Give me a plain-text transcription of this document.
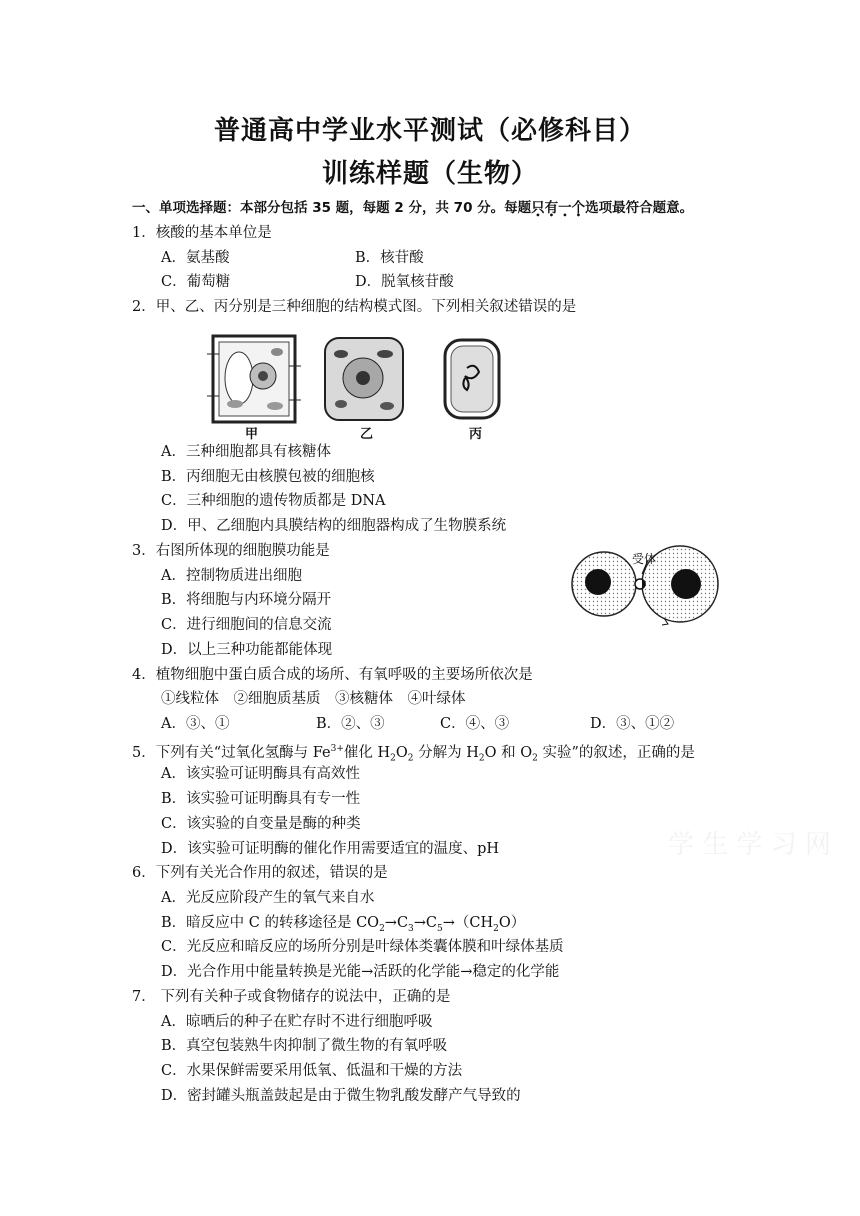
普通高中学业水平测试（必修科目）
训练样题（生物）
一、单项选择题：本部分包括 35 题，每题 2 分，共 70 分。每题只有一个选项最符合题意。
1．核酸的基本单位是
A．氨基酸	B．核苷酸
C．葡萄糖	D．脱氧核苷酸
2．甲、乙、丙分别是三种细胞的结构模式图。下列相关叙述错误的是
甲	乙	丙
A．三种细胞都具有核糖体
B．丙细胞无由核膜包被的细胞核
C．三种细胞的遗传物质都是 DNA
D．甲、乙细胞内具膜结构的细胞器构成了生物膜系统
3．右图所体现的细胞膜功能是
A．控制物质进出细胞
B．将细胞与内环境分隔开
C．进行细胞间的信息交流
D．以上三种功能都能体现
受体
4．植物细胞中蛋白质合成的场所、有氧呼吸的主要场所依次是
①线粒体　②细胞质基质　③核糖体　④叶绿体
A．③、①	B．②、③	C．④、③	D．③、①②
5．下列有关“过氧化氢酶与 $Fe^{3+}$催化 $H_2O_2$ 分解为 $H_2O$ 和 $O_2$ 实验”的叙述，正确的是
A．该实验可证明酶具有高效性
B．该实验可证明酶具有专一性
C．该实验的自变量是酶的种类
D．该实验可证明酶的催化作用需要适宜的温度、pH	学 生 学 习 网
6．下列有关光合作用的叙述，错误的是
A．光反应阶段产生的氧气来自水
B．暗反应中 C 的转移途径是 $CO_2\to C_3\to C_5\to(CH_2O)$
C．光反应和暗反应的场所分别是叶绿体类囊体膜和叶绿体基质
D．光合作用中能量转换是光能→活跃的化学能→稳定的化学能
7． 下列有关种子或食物储存的说法中，正确的是
A．晾晒后的种子在贮存时不进行细胞呼吸
B．真空包装熟牛肉抑制了微生物的有氧呼吸
C．水果保鲜需要采用低氧、低温和干燥的方法
D．密封罐头瓶盖鼓起是由于微生物乳酸发酵产气导致的
